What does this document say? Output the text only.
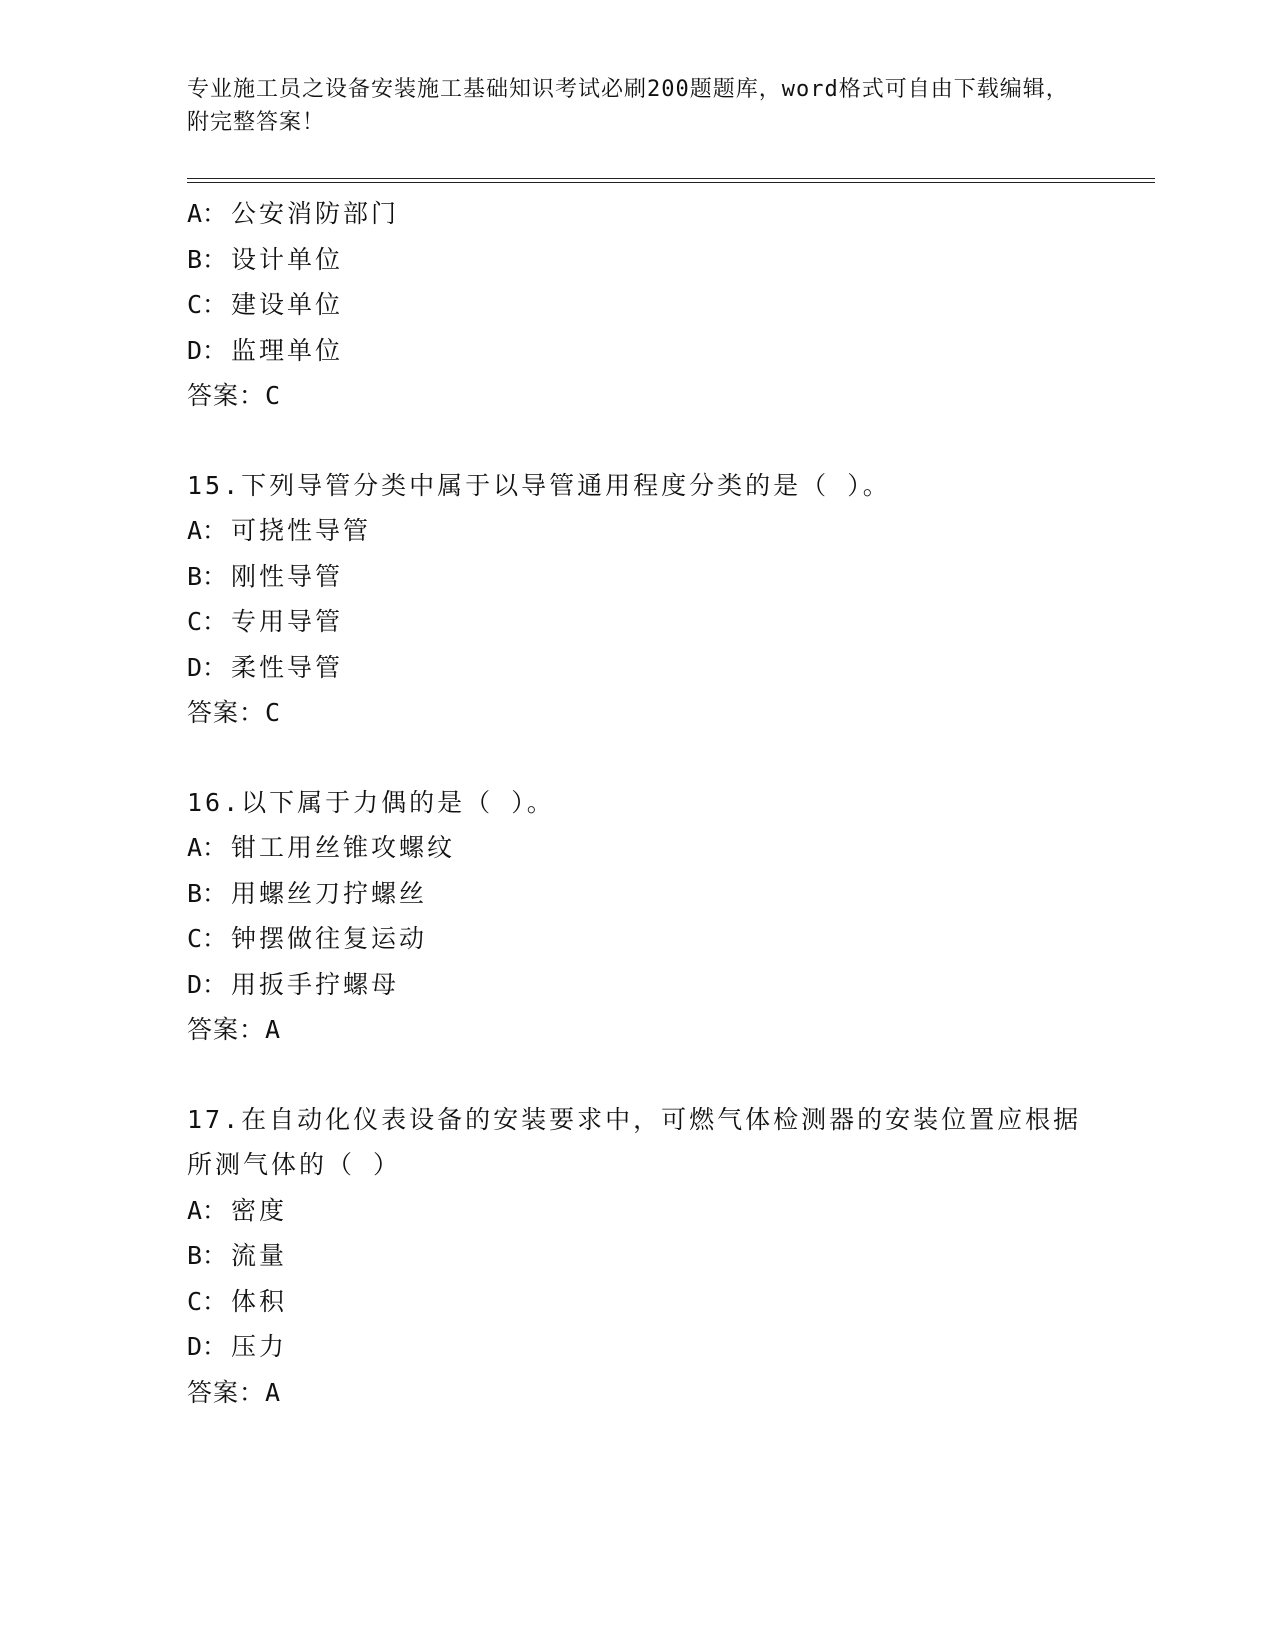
专业施工员之设备安装施工基础知识考试必刷200题题库，word格式可自由下载编辑，附完整答案！
A： 公安消防部门
B： 设计单位
C： 建设单位
D： 监理单位
答案：C
15.下列导管分类中属于以导管通用程度分类的是（ ）。
A： 可挠性导管
B： 刚性导管
C： 专用导管
D： 柔性导管
答案：C
16.以下属于力偶的是（ ）。
A： 钳工用丝锥攻螺纹
B： 用螺丝刀拧螺丝
C： 钟摆做往复运动
D： 用扳手拧螺母
答案：A
17.在自动化仪表设备的安装要求中，可燃气体检测器的安装位置应根据所测气体的（ ）
A： 密度
B： 流量
C： 体积
D： 压力
答案：A
